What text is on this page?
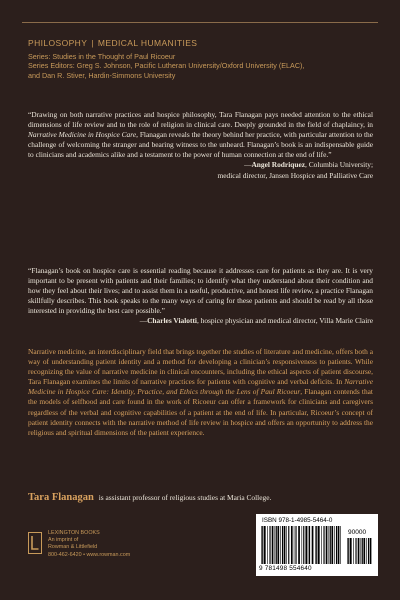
PHILOSOPHY | MEDICAL HUMANITIES
Series: Studies in the Thought of Paul Ricoeur
Series Editors: Greg S. Johnson, Pacific Lutheran University/Oxford University (ELAC),
and Dan R. Stiver, Hardin-Simmons University

“Drawing on both narrative practices and hospice philosophy, Tara Flanagan pays needed attention to the ethical dimensions of life review and to the role of religion in clinical care. Deeply grounded in the field of chaplaincy, in Narrative Medicine in Hospice Care, Flanagan reveals the theory behind her practice, with particular attention to the challenge of welcoming the stranger and bearing witness to the unheard. Flanagan’s book is an indispensable guide to clinicians and academics alike and a testament to the power of human connection at the end of life.”

—Angel Rodriquez, Columbia University;

medical director, Jansen Hospice and Palliative Care

“Flanagan’s book on hospice care is essential reading because it addresses care for patients as they are. It is very important to be present with patients and their families; to identify what they understand about their condition and how they feel about their lives; and to assist them in a useful, productive, and honest life review, a practice Flanagan skillfully describes. This book speaks to the many ways of caring for these patients and should be read by all those interested in providing the best care possible.”

—Charles Vialotti, hospice physician and medical director, Villa Marie Claire

Narrative medicine, an interdisciplinary field that brings together the studies of literature and medicine, offers both a way of understanding patient identity and a method for developing a clinician’s responsiveness to patients. While recognizing the value of narrative medicine in clinical encounters, including the ethical aspects of patient discourse, Tara Flanagan examines the limits of narrative practices for patients with cognitive and verbal deficits. In Narrative Medicine in Hospice Care: Identity, Practice, and Ethics through the Lens of Paul Ricoeur, Flanagan contends that the models of selfhood and care found in the work of Ricoeur can offer a framework for clinicians and caregivers regardless of the verbal and cognitive capabilities of a patient at the end of life. In particular, Ricoeur’s concept of patient identity connects with the narrative method of life review in hospice and offers an opportunity to address the religious and spiritual dimensions of the patient experience.

Tara Flanagan is assistant professor of religious studies at Maria College.
LEXINGTON BOOKS
An imprint of
Rowman & Littlefield
800-462-6420 • www.rowman.com
ISBN 978-1-4985-5464-0
90000
9 781498 554640
